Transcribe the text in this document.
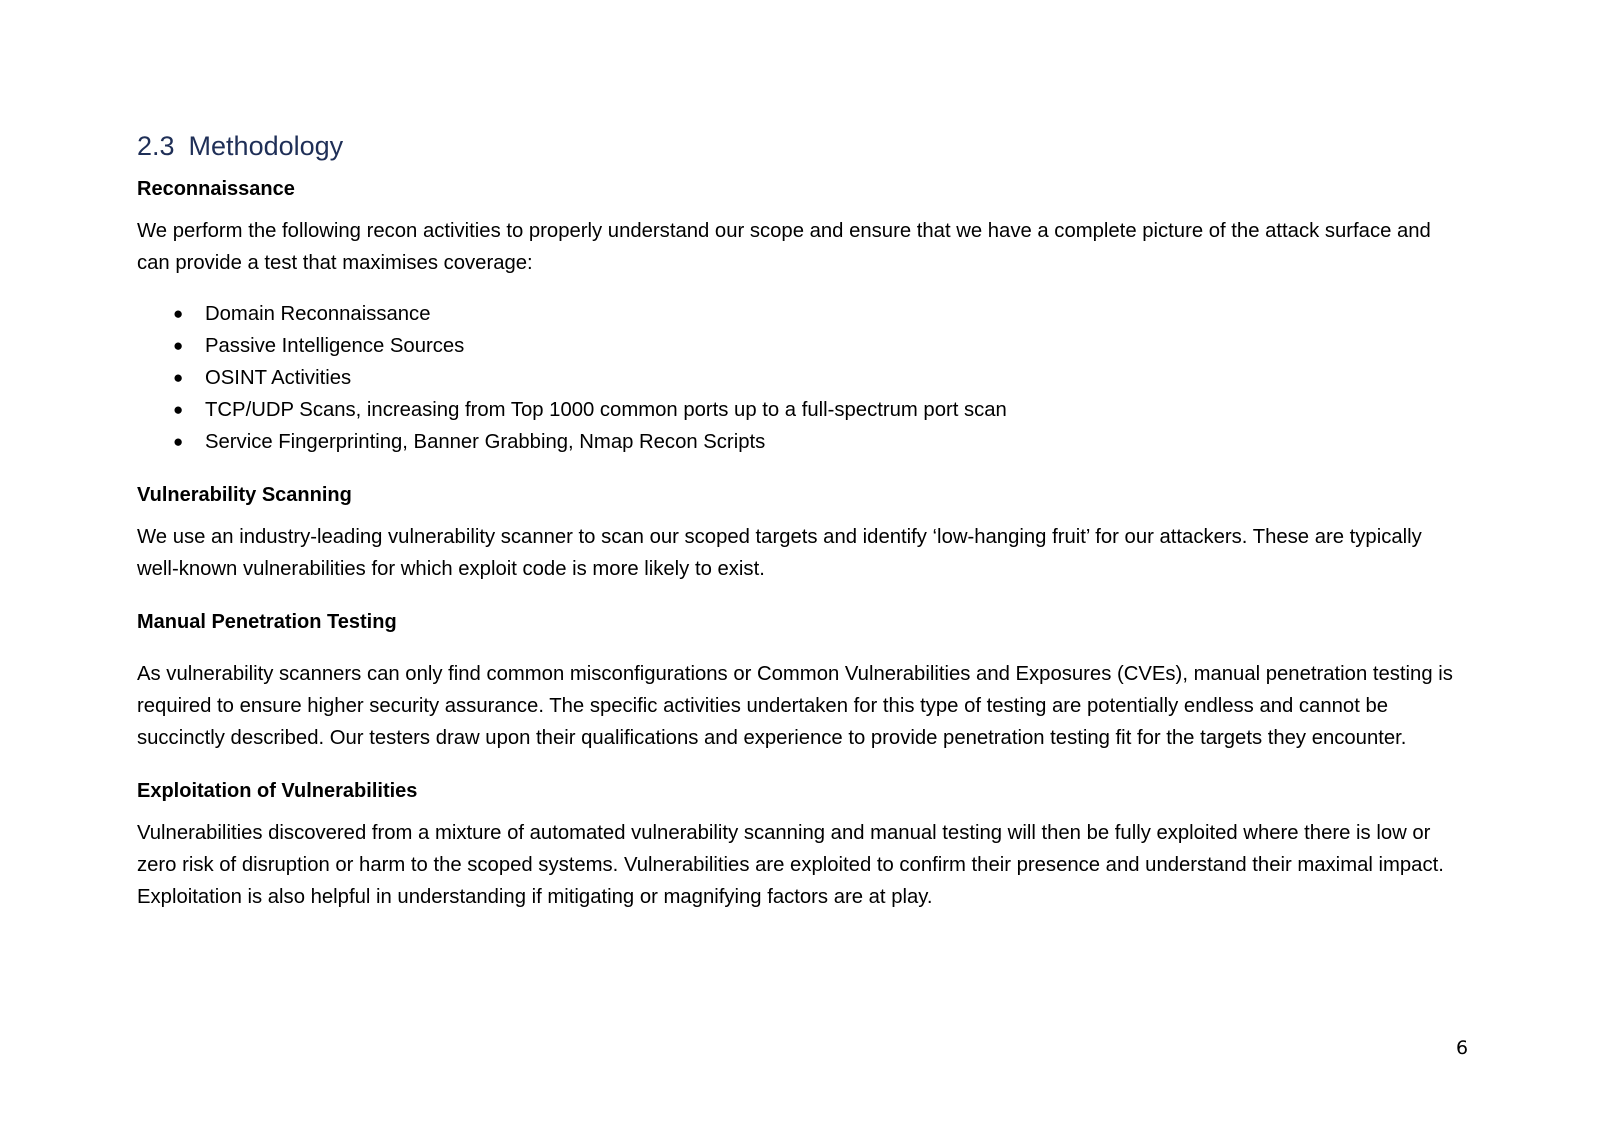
2.3 Methodology
Reconnaissance

We perform the following recon activities to properly understand our scope and ensure that we have a complete picture of the attack surface and can provide a test that maximises coverage:

● Domain Reconnaissance
● Passive Intelligence Sources
● OSINT Activities
● TCP/UDP Scans, increasing from Top 1000 common ports up to a full-spectrum port scan
● Service Fingerprinting, Banner Grabbing, Nmap Recon Scripts
Vulnerability Scanning

We use an industry-leading vulnerability scanner to scan our scoped targets and identify ‘low-hanging fruit’ for our attackers. These are typically well-known vulnerabilities for which exploit code is more likely to exist.

Manual Penetration Testing

As vulnerability scanners can only find common misconfigurations or Common Vulnerabilities and Exposures (CVEs), manual penetration testing is required to ensure higher security assurance. The specific activities undertaken for this type of testing are potentially endless and cannot be succinctly described. Our testers draw upon their qualifications and experience to provide penetration testing fit for the targets they encounter.

Exploitation of Vulnerabilities

Vulnerabilities discovered from a mixture of automated vulnerability scanning and manual testing will then be fully exploited where there is low or zero risk of disruption or harm to the scoped systems. Vulnerabilities are exploited to confirm their presence and understand their maximal impact. Exploitation is also helpful in understanding if mitigating or magnifying factors are at play.

6
